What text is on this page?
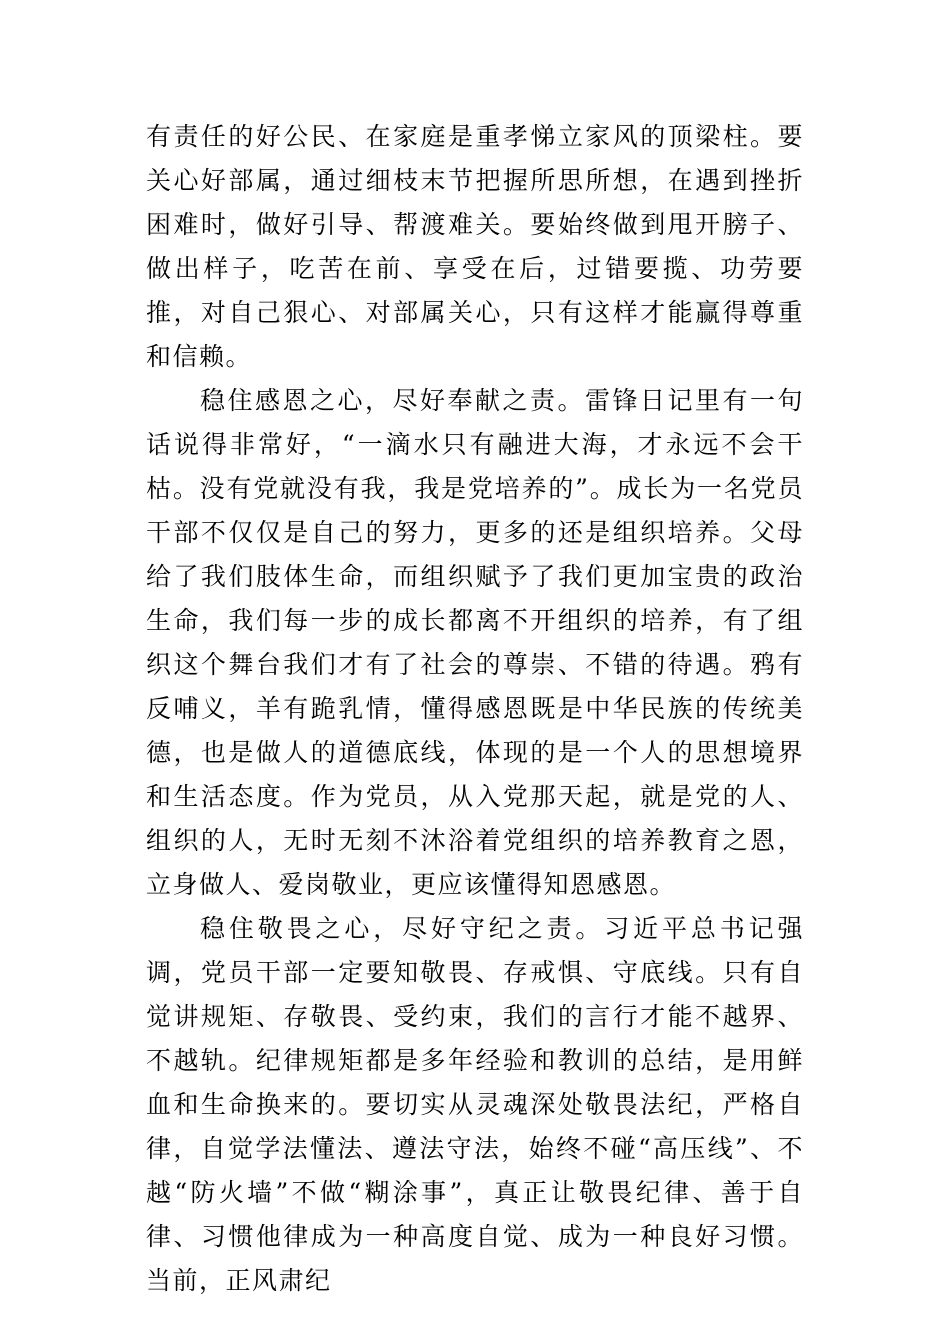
有责任的好公民、在家庭是重孝悌立家风的顶梁柱。要关心好部属，通过细枝末节把握所思所想，在遇到挫折困难时，做好引导、帮渡难关。要始终做到甩开膀子、做出样子，吃苦在前、享受在后，过错要揽、功劳要推，对自己狠心、对部属关心，只有这样才能赢得尊重和信赖。

稳住感恩之心，尽好奉献之责。雷锋日记里有一句话说得非常好，“一滴水只有融进大海，才永远不会干枯。没有党就没有我，我是党培养的”。成长为一名党员干部不仅仅是自己的努力，更多的还是组织培养。父母给了我们肢体生命，而组织赋予了我们更加宝贵的政治生命，我们每一步的成长都离不开组织的培养，有了组织这个舞台我们才有了社会的尊崇、不错的待遇。鸦有反哺义，羊有跪乳情，懂得感恩既是中华民族的传统美德，也是做人的道德底线，体现的是一个人的思想境界和生活态度。作为党员，从入党那天起，就是党的人、组织的人，无时无刻不沐浴着党组织的培养教育之恩，立身做人、爱岗敬业，更应该懂得知恩感恩。

稳住敬畏之心，尽好守纪之责。习近平总书记强调，党员干部一定要知敬畏、存戒惧、守底线。只有自觉讲规矩、存敬畏、受约束，我们的言行才能不越界、不越轨。纪律规矩都是多年经验和教训的总结，是用鲜血和生命换来的。要切实从灵魂深处敬畏法纪，严格自律，自觉学法懂法、遵法守法，始终不碰“高压线”、不越“防火墙”不做“糊涂事”，真正让敬畏纪律、善于自律、习惯他律成为一种高度自觉、成为一种良好习惯。当前，正风肃纪
